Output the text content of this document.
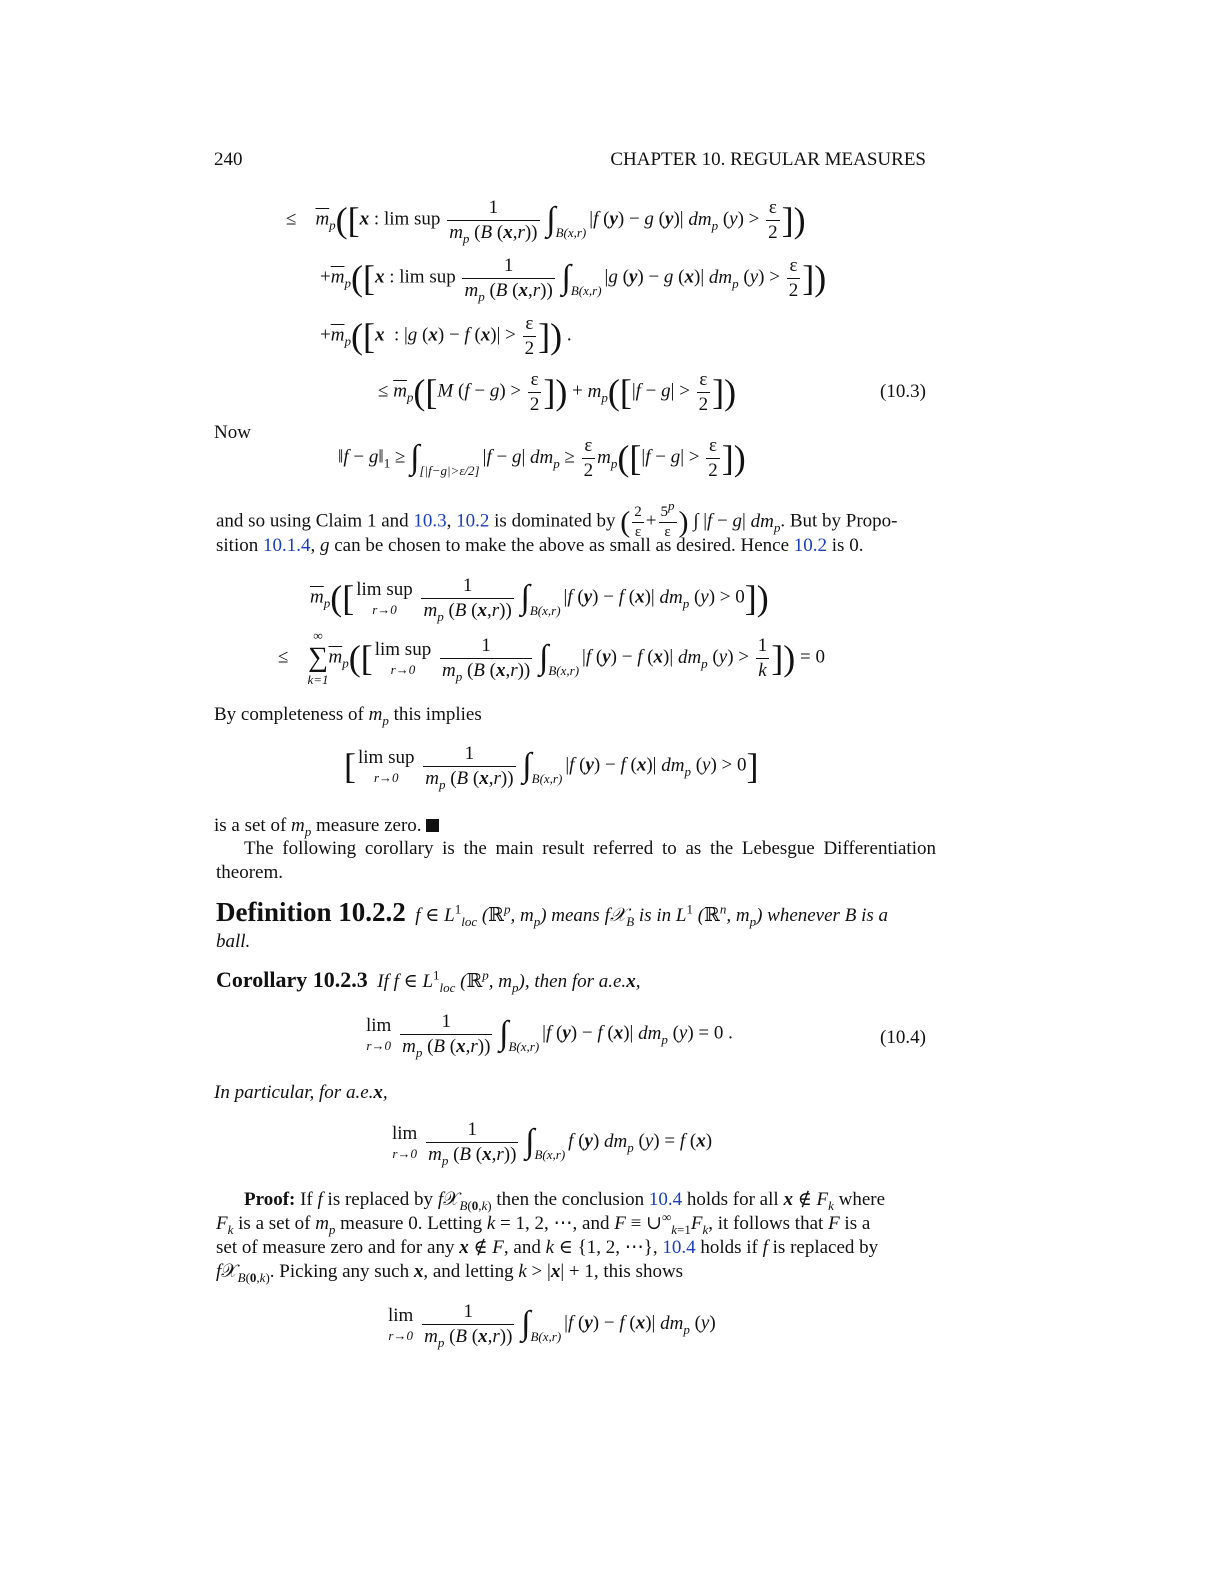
240	CHAPTER 10. REGULAR MEASURES
≤    $\overline{m}_p([x$ : lim sup $\frac{1}{m_p (B (x,r))} \int_{B(x,r)}|f$ (y) − g (y)| $dm_p$ $(y) > \frac{\varepsilon}{2}$ ])
$+\overline{m}_p([x$ : lim sup $\frac{1}{m_p (B (x,r))} \int_{B(x,r)}|g$ (y) − g (x)| $dm_p$ $(y) > \frac{\varepsilon}{2}$ ])
$+\overline{m}_p([x$  : |g (x) − f $(x)| > \frac{\varepsilon}{2}$ ]) .
≤ $\overline{m}_p([M$ $(f - g) > \frac{\varepsilon}{2}$ ]) + $m_p([|f - g| > \frac{\varepsilon}{2}$ ])	(10.3)
Now
‖f − $g‖_1 \ge \int_{[|f-g|>\varepsilon/2]}|f - g|$ $dm_p \ge \frac{\varepsilon}{2} m_p([|f - g| > \frac{\varepsilon}{2}$ ])
and so using Claim 1 and 10.3, 10.2 is dominated by ( $\frac{2}{\varepsilon} + \frac{5^p}{\varepsilon}$ ) ∫ |f − g| $dm_p$. But by Propo-
sition 10.1.4, g can be chosen to make the above as small as desired. Hence 10.2 is 0.
$\overline{m}_p$([ lim sup
r→0
	$\frac{1}{m_p (B (x,r))} \int_{B(x,r)}|f$ (y) − f (x)| $dm_p$ (y) > 0])
≤
∞
∑
k=1
$\overline{m}_p$([ lim sup
r→0
	$\frac{1}{m_p (B (x,r))} \int_{B(x,r)}|f$ (y) − f (x)| $dm_p$ $(y) > \frac{1}{k}$ ]) = 0
By completeness of $m_p$ this implies
[ lim sup
r→0
	$\frac{1}{m_p (B (x,r))} \int_{B(x,r)}|f$ (y) − f (x)| $dm_p$ (y) > 0]
is a set of $m_p$ measure zero.
The following corollary is the main result referred to as the Lebesgue Differentiation theorem.
Definition 10.2.2 f ∈ $L^1_{loc}$ (ℝ$^p$, $m_p$) means f𝒳$_B$ is in $L^1$ (ℝ$^n$, $m_p$) whenever B is a
ball.
Corollary 10.2.3 If f ∈ $L^1_{loc}$ (ℝ$^p$, $m_p$), then for a.e.x,
lim
r→0
$\frac{1}{m_p (B (x,r))} \int_{B(x,r)}|f$ (y) − f (x)| $dm_p$ (y) = 0 .	(10.4)
In particular, for a.e.x,
lim
r→0
$\frac{1}{m_p (B (x,r))} \int_{B(x,r)}f$ (y) $dm_p$ (y) = f (x)
Proof: If f is replaced by f𝒳$_{B(0,k)}$ then the conclusion 10.4 holds for all x ∉ $F_k$ where
$F_k$ is a set of $m_p$ measure 0. Letting k = 1, 2, ⋯, and $F \equiv \cup^\infty_{k=1}F_k$, it follows that F is a
set of measure zero and for any x ∉ F, and k ∈ {1, 2, ⋯}, 10.4 holds if f is replaced by
f𝒳$_{B(0,k)}$. Picking any such x, and letting k > |x| + 1, this shows
lim
r→0
$\frac{1}{m_p (B (x,r))} \int_{B(x,r)}|f$ (y) − f (x)| $dm_p$ (y)
